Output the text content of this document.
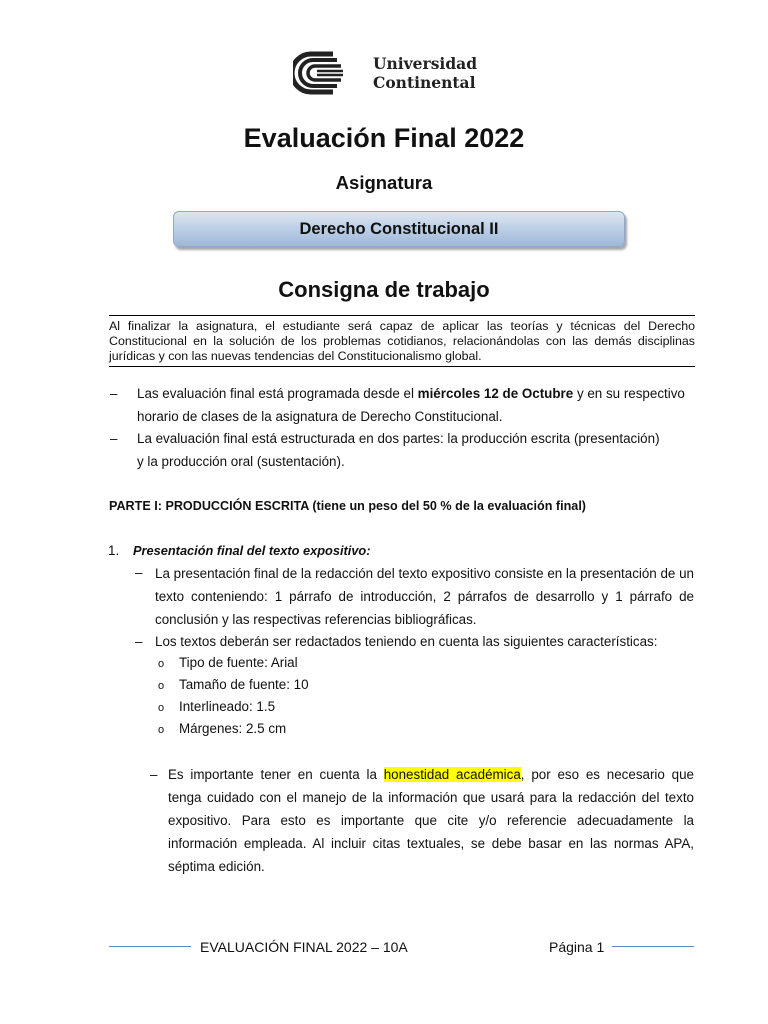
Universidad
Continental
Evaluación Final 2022
Asignatura
Derecho Constitucional II
Consigna de trabajo
Al finalizar la asignatura, el estudiante será capaz de aplicar las teorías y técnicas del Derecho Constitucional en la solución de los problemas cotidianos, relacionándolas con las demás disciplinas jurídicas y con las nuevas tendencias del Constitucionalismo global.
– Las evaluación final está programada desde el miércoles 12 de Octubre y en su respectivo
horario de clases de la asignatura de Derecho Constitucional.
– La evaluación final está estructurada en dos partes: la producción escrita (presentación)
y la producción oral (sustentación).
PARTE I: PRODUCCIÓN ESCRITA (tiene un peso del 50 % de la evaluación final)
1. Presentación final del texto expositivo:
– La presentación final de la redacción del texto expositivo consiste en la presentación de un texto conteniendo: 1 párrafo de introducción, 2 párrafos de desarrollo y 1 párrafo de conclusión y las respectivas referencias bibliográficas.
– Los textos deberán ser redactados teniendo en cuenta las siguientes características:
o Tipo de fuente: Arial
o Tamaño de fuente: 10
o Interlineado: 1.5
o Márgenes: 2.5 cm
– Es importante tener en cuenta la honestidad académica, por eso es necesario que tenga cuidado con el manejo de la información que usará para la redacción del texto expositivo. Para esto es importante que cite y/o referencie adecuadamente la información empleada. Al incluir citas textuales, se debe basar en las normas APA, séptima edición.
EVALUACIÓN FINAL 2022 – 10A	Página 1
